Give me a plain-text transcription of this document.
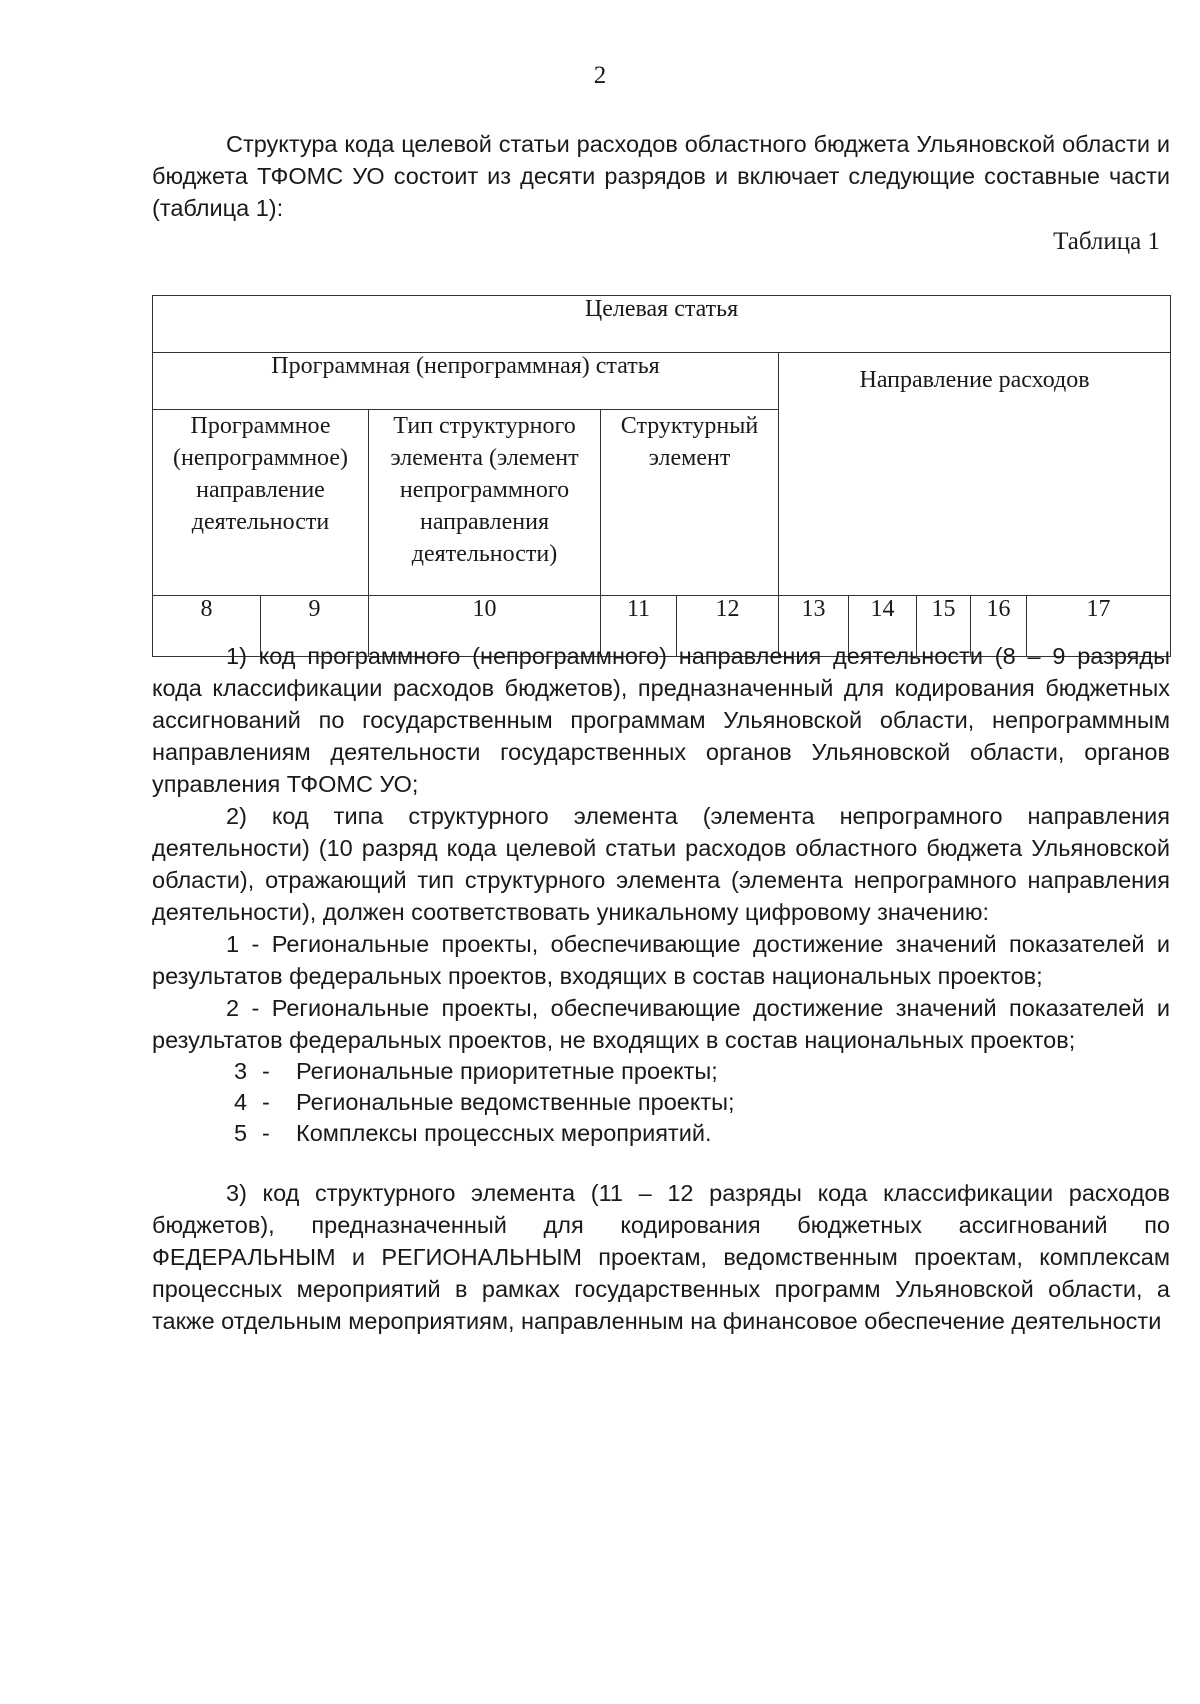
2

Структура кода целевой статьи расходов областного бюджета Ульяновской области и бюджета ТФОМС УО состоит из десяти разрядов и включает следующие составные части (таблица 1):

Таблица 1
Целевая статья									
Программная (непрограммная) статья					Направление расходов				
Программное (непрограммное) направление деятельности		Тип структурного элемента (элемент непрограммного направления деятельности)	Структурный элемент						
8	9	10	11	12	13	14	15	16	17

1) код программного (непрограммного) направления деятельности (8 – 9 разряды кода классификации расходов бюджетов), предназначенный для кодирования бюджетных ассигнований по государственным программам Ульяновской области, непрограммным направлениям деятельности государственных органов Ульяновской области, органов управления ТФОМС УО;

2) код типа структурного элемента (элемента непрограмного направления деятельности) (10 разряд кода целевой статьи расходов областного бюджета Ульяновской области), отражающий тип структурного элемента (элемента непрограмного направления деятельности), должен соответствовать уникальному цифровому значению:

1 - Региональные проекты, обеспечивающие достижение значений показателей и результатов федеральных проектов, входящих в состав национальных проектов;

2 - Региональные проекты, обеспечивающие достижение значений показателей и результатов федеральных проектов, не входящих в состав национальных проектов;

3 - Региональные приоритетные проекты;
4 - Региональные ведомственные проекты;
5 - Комплексы процессных мероприятий.

3) код структурного элемента (11 – 12 разряды кода классификации расходов бюджетов), предназначенный для кодирования бюджетных ассигнований по ФЕДЕРАЛЬНЫМ и РЕГИОНАЛЬНЫМ проектам, ведомственным проектам, комплексам процессных мероприятий в рамках государственных программ Ульяновской области, а также отдельным мероприятиям, направленным на финансовое обеспечение деятельности
